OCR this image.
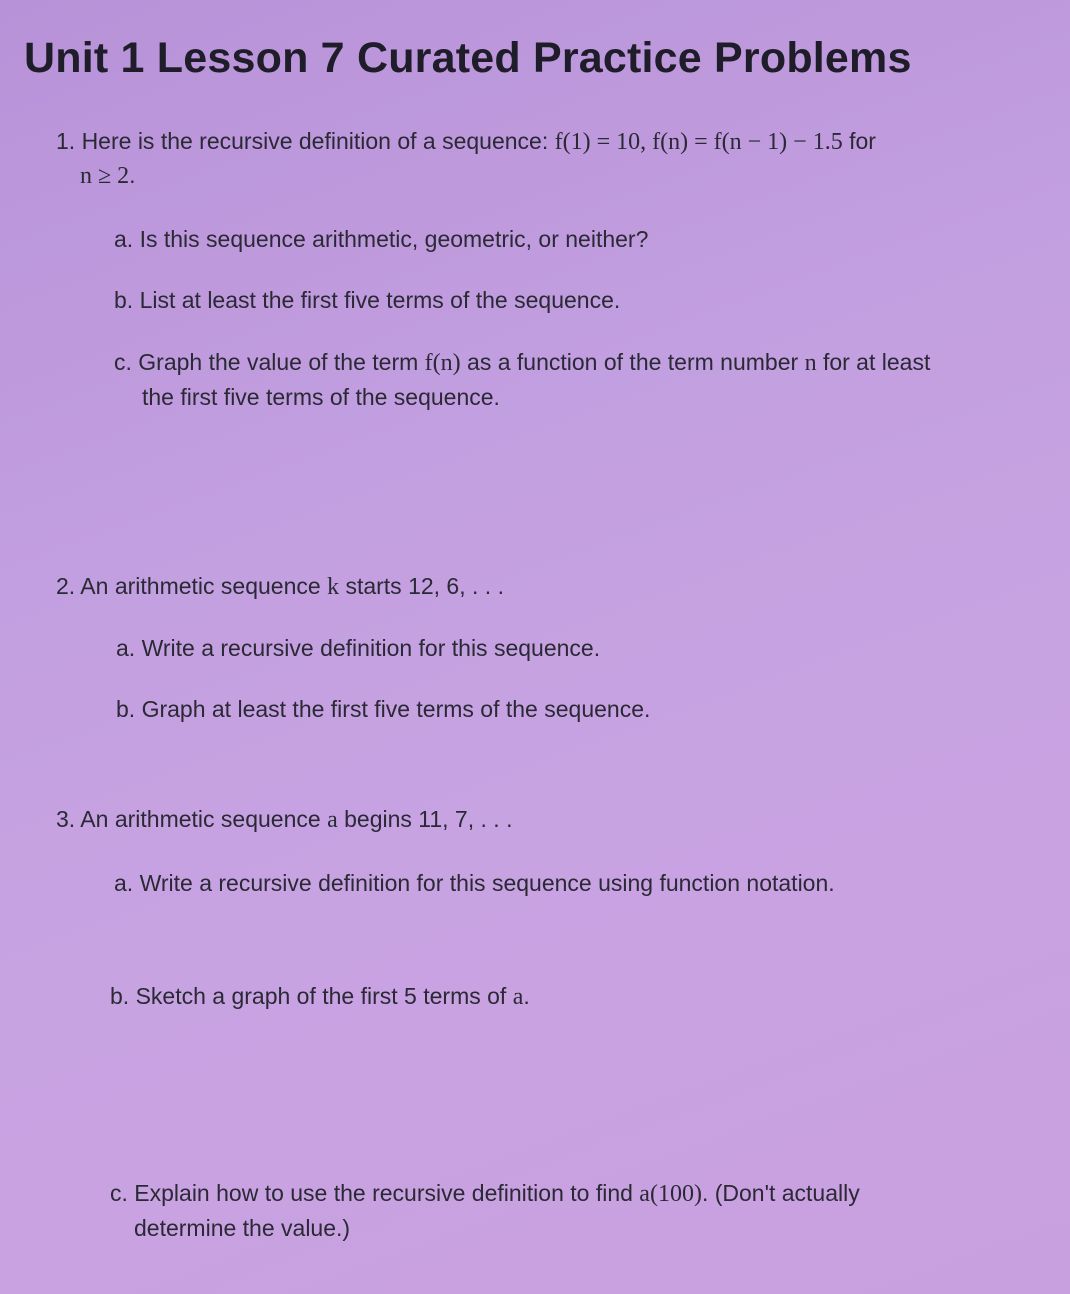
Unit 1 Lesson 7 Curated Practice Problems
1. Here is the recursive definition of a sequence: f(1) = 10, f(n) = f(n − 1) − 1.5 for
n ≥ 2.
a. Is this sequence arithmetic, geometric, or neither?
b. List at least the first five terms of the sequence.
c. Graph the value of the term f(n) as a function of the term number n for at least
the first five terms of the sequence.
2. An arithmetic sequence k starts 12, 6, . . .
a. Write a recursive definition for this sequence.
b. Graph at least the first five terms of the sequence.
3. An arithmetic sequence a begins 11, 7, . . .
a. Write a recursive definition for this sequence using function notation.
b. Sketch a graph of the first 5 terms of a.
c. Explain how to use the recursive definition to find a(100). (Don't actually
determine the value.)
